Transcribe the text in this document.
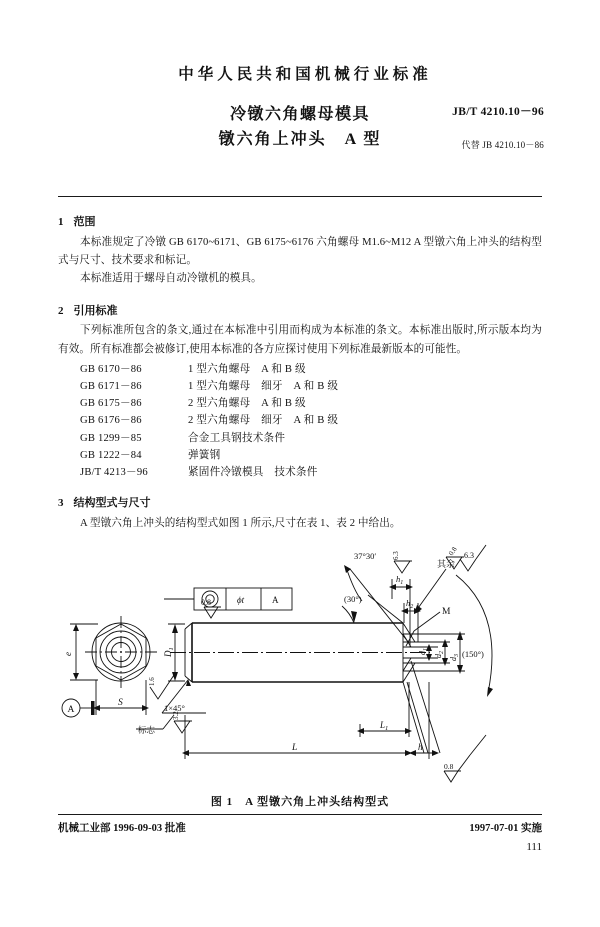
中华人民共和国机械行业标准
冷镦六角螺母模具
镦六角上冲头　A 型
JB/T 4210.10－96
代替 JB 4210.10－86
1 范围
本标准规定了冷镦 GB 6170~6171、GB 6175~6176 六角螺母 M1.6~M12 A 型镦六角上冲头的结构型式与尺寸、技术要求和标记。
本标准适用于螺母自动冷镦机的模具。
2 引用标准
下列标准所包含的条文,通过在本标准中引用而构成为本标准的条文。本标准出版时,所示版本均为有效。所有标准都会被修订,使用本标准的各方应探讨使用下列标准最新版本的可能性。
GB 6170－86	1 型六角螺母　A 和 B 级
GB 6171－86	1 型六角螺母　细牙　A 和 B 级
GB 6175－86	2 型六角螺母　A 和 B 级
GB 6176－86	2 型六角螺母　细牙　A 和 B 级
GB 1299－85	合金工具钢技术条件
GB 1222－84	弹簧钢
JB/T 4213－96	紧固件冷镦模具　技术条件
3 结构型式与尺寸
A 型镦六角上冲头的结构型式如图 1 所示,尺寸在表 1、表 2 中给出。
其余
6.3
ϕt	A
e
S
A
1.6
0.8	(30°)
1×45°
标志
3.2
$D_1$
37°30′ 6.3	0.8
$h_1$
$h_2$	M
(150°)
$d_1$
$d_2$
$d_3$
$L_1$
L	h
0.8
图 1 A 型镦六角上冲头结构型式
机械工业部 1996-09-03 批准	1997-07-01 实施
111
